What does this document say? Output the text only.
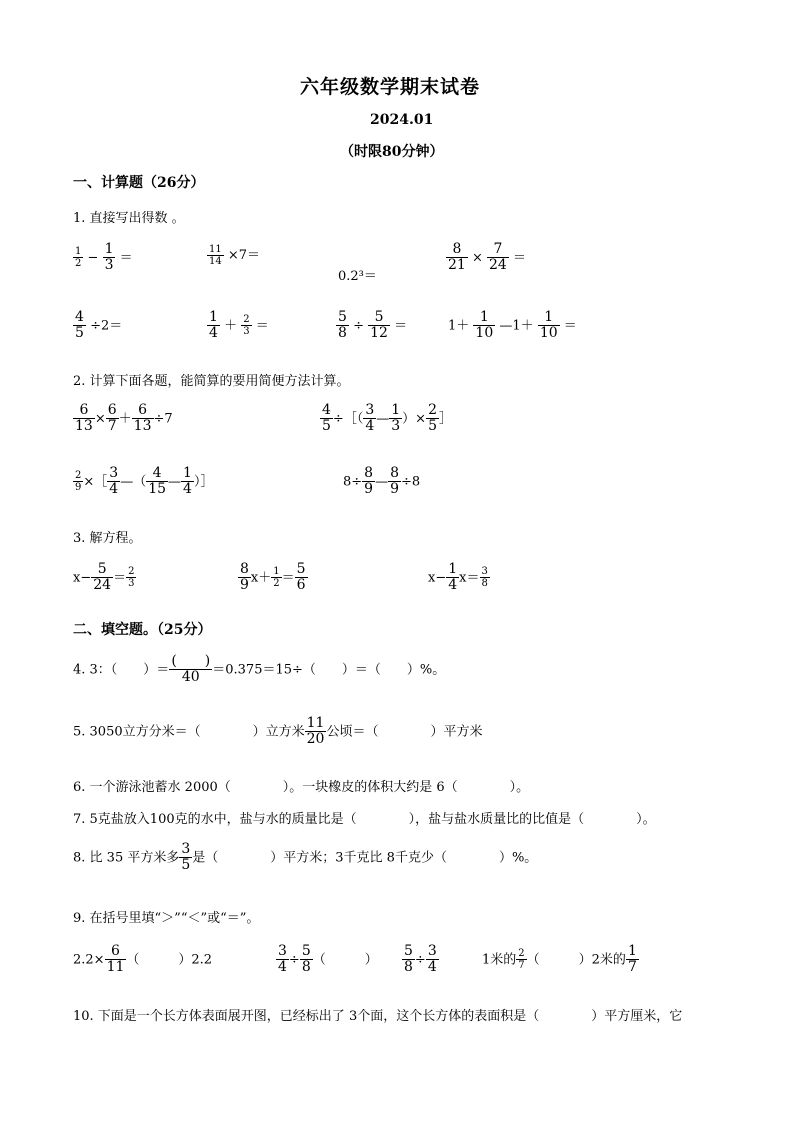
六年级数学期末试卷
2024.01
（时限80分钟）
一、计算题（26分）
1. 直接写出得数 。
$\frac{1}{2} - \frac{1}{3}$ ＝	$\frac{11}{14} \times 7=$
0.2³＝
$\frac{8}{21} \times \frac{7}{24}$ ＝
$\frac{4}{5} \div 2=$	$\frac{1}{4} + \frac{2}{3}$ ＝	$\frac{5}{8} \div \frac{5}{12}$ ＝	$1+ \frac{1}{10}$ —1＋ $\frac{1}{10}$ ＝
2. 计算下面各题，能简算的要用简便方法计算。
$\frac{6}{13} \times \frac{6}{7} + \frac{6}{13} \div 7$	$\frac{4}{5}$ ÷［（ $\frac{3}{4}$ — $\frac{1}{3}$ ）× $\frac{2}{5}$ ］
$\frac{2}{9}$ ×［ $\frac{3}{4}$ —（ $\frac{4}{15}$ — $\frac{1}{4}$ ）］	$8\div \frac{8}{9}$ — $\frac{8}{9} \div 8$
3. 解方程。
$x- \frac{5}{24} = \frac{2}{3}$	$\frac{8}{9} x+ \frac{1}{2} = \frac{5}{6}$	$x- \frac{1}{4} x= \frac{3}{8}$
二、填空题。（25分）
4. 3：（　　）＝
(　　)
40 ＝0.375＝15÷（　　）＝（　　）%。
5. 3050立方分米＝（　　　　）立方米 $\frac{11}{20}$ 公顷＝（　　　　）平方米
6. 一个游泳池蓄水 2000（　　　　）。一块橡皮的体积大约是 6（　　　　）。
7. 5克盐放入100克的水中，盐与水的质量比是（　　　　），盐与盐水质量比的比值是（　　　　）。
8. 比 35 平方米多 $\frac{3}{5}$ 是（　　　　）平方米；3千克比 8千克少（　　　　）%。
9. 在括号里填“＞”“＜”或“＝”。
$2.2\times \frac{6}{11}$ （　　　）2.2	$\frac{3}{4} \div \frac{5}{8}$ （　　　） $\frac{5}{8} \div \frac{3}{4}$	1米的 $\frac{2}{7}$ （　　　）2米的 $\frac{1}{7}$
10. 下面是一个长方体表面展开图，已经标出了 3个面，这个长方体的表面积是（　　　　）平方厘米，它
